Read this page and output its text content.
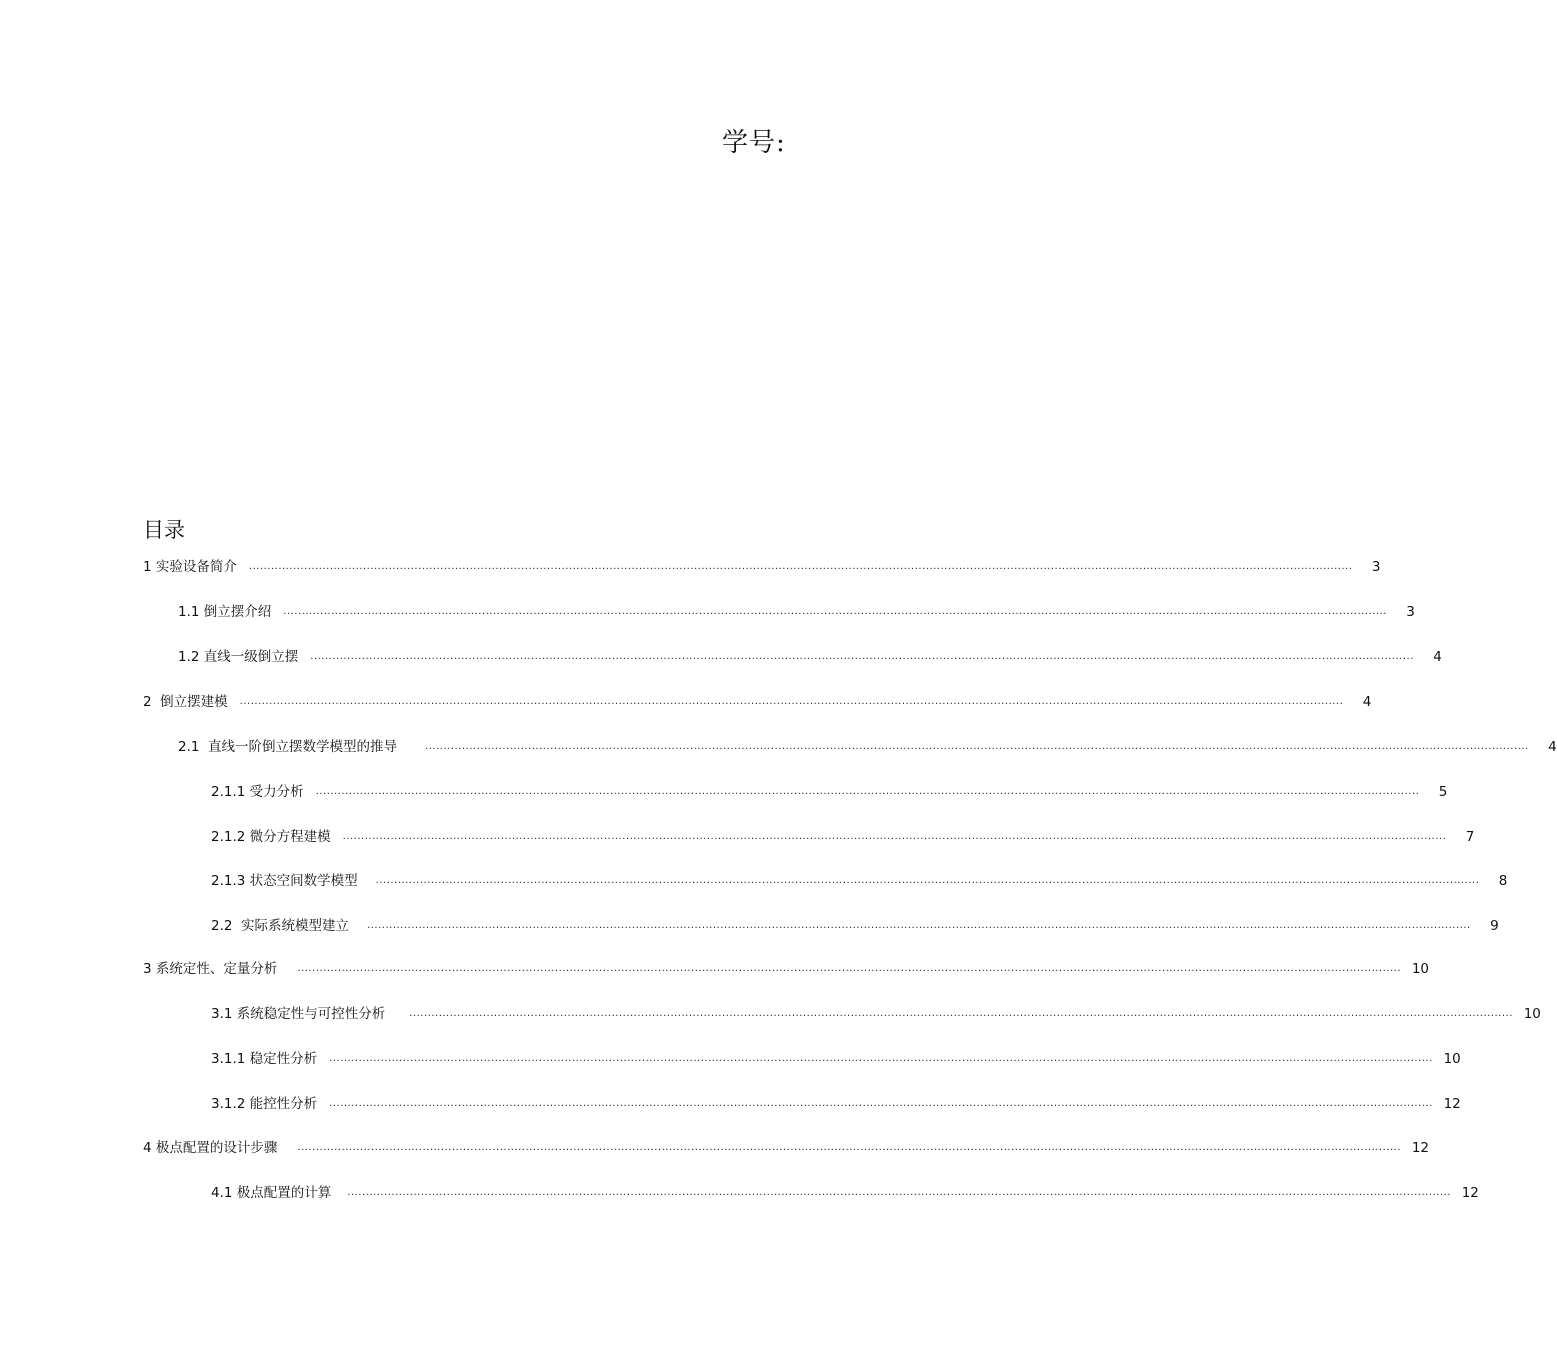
学号:
目录
1 实验设备简介 ............................................................................................................................................................................................................................................................................................................	3
1.1 倒立摆介绍 ............................................................................................................................................................................................................................................................................................................	3
1.2 直线一级倒立摆 ............................................................................................................................................................................................................................................................................................................	4
2  倒立摆建模 ............................................................................................................................................................................................................................................................................................................	4
2.1  直线一阶倒立摆数学模型的推导	............................................................................................................................................................................................................................................................................................................	4
2.1.1 受力分析 ............................................................................................................................................................................................................................................................................................................	5
2.1.2 微分方程建模 ............................................................................................................................................................................................................................................................................................................	7
2.1.3 状态空间数学模型 ............................................................................................................................................................................................................................................................................................................	8
2.2  实际系统模型建立 ............................................................................................................................................................................................................................................................................................................	9
3 系统定性、定量分析 ............................................................................................................................................................................................................................................................................................................ 10
3.1 系统稳定性与可控性分析 ............................................................................................................................................................................................................................................................................................................ 10
3.1.1 稳定性分析 ............................................................................................................................................................................................................................................................................................................ 10
3.1.2 能控性分析 ............................................................................................................................................................................................................................................................................................................ 12
4 极点配置的设计步骤 ............................................................................................................................................................................................................................................................................................................ 12
4.1 极点配置的计算 ............................................................................................................................................................................................................................................................................................................ 12
